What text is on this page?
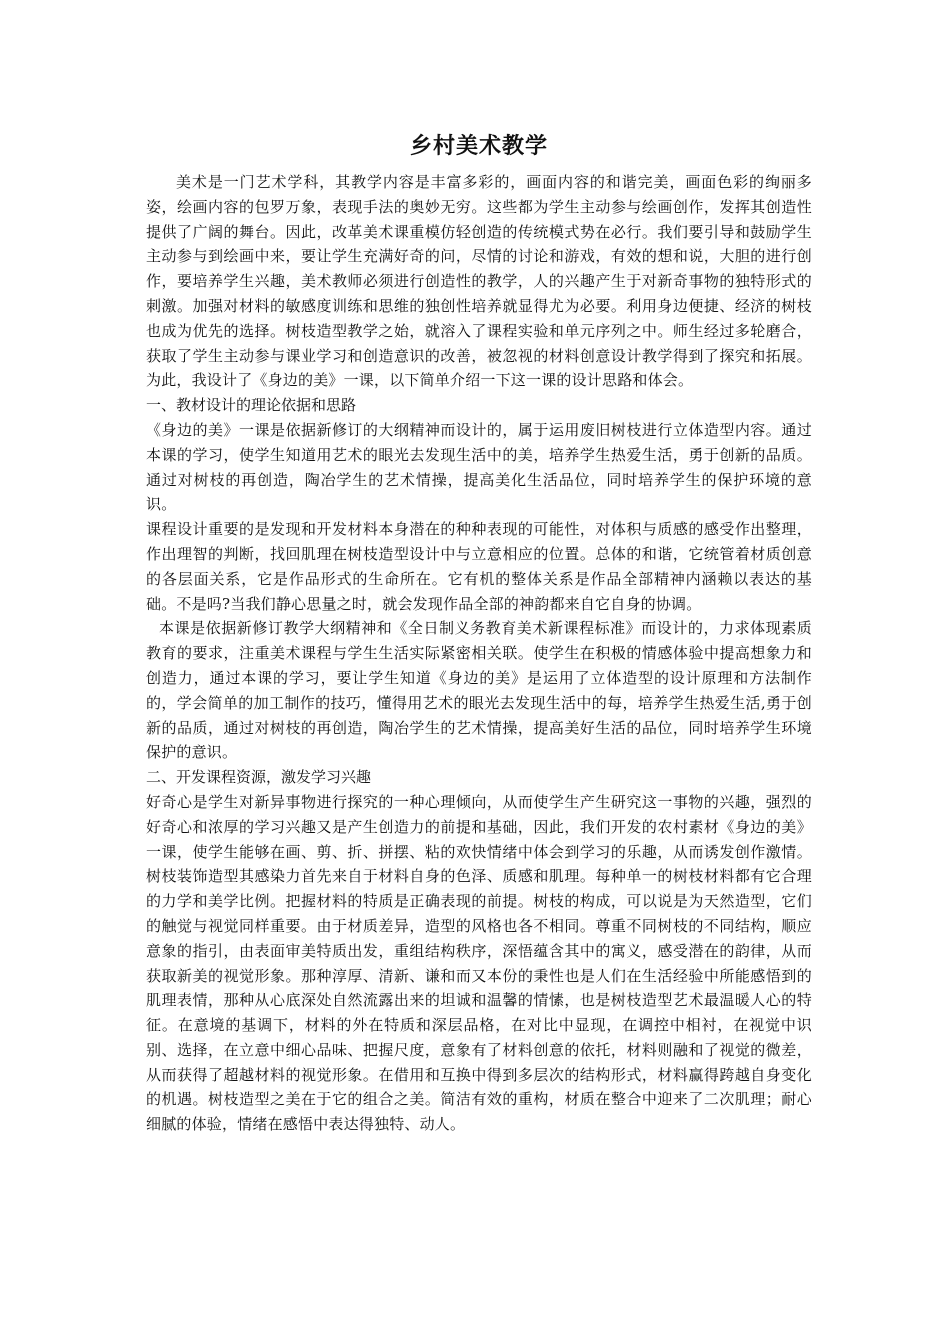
乡村美术教学

美术是一门艺术学科，其教学内容是丰富多彩的，画面内容的和谐完美，画面色彩的绚丽多姿，绘画内容的包罗万象，表现手法的奥妙无穷。这些都为学生主动参与绘画创作，发挥其创造性提供了广阔的舞台。因此，改革美术课重模仿轻创造的传统模式势在必行。我们要引导和鼓励学生主动参与到绘画中来，要让学生充满好奇的问，尽情的讨论和游戏，有效的想和说，大胆的进行创作，要培养学生兴趣，美术教师必须进行创造性的教学，人的兴趣产生于对新奇事物的独特形式的刺激。加强对材料的敏感度训练和思维的独创性培养就显得尤为必要。利用身边便捷、经济的树枝也成为优先的选择。树枝造型教学之始，就溶入了课程实验和单元序列之中。师生经过多轮磨合，获取了学生主动参与课业学习和创造意识的改善，被忽视的材料创意设计教学得到了探究和拓展。为此，我设计了《身边的美》一课，以下简单介绍一下这一课的设计思路和体会。

一、教材设计的理论依据和思路

《身边的美》一课是依据新修订的大纲精神而设计的，属于运用废旧树枝进行立体造型内容。通过本课的学习，使学生知道用艺术的眼光去发现生活中的美，培养学生热爱生活，勇于创新的品质。通过对树枝的再创造，陶冶学生的艺术情操，提高美化生活品位，同时培养学生的保护环境的意识。

课程设计重要的是发现和开发材料本身潜在的种种表现的可能性，对体积与质感的感受作出整理，作出理智的判断，找回肌理在树枝造型设计中与立意相应的位置。总体的和谐，它统管着材质创意的各层面关系，它是作品形式的生命所在。它有机的整体关系是作品全部精神内涵赖以表达的基础。不是吗?当我们静心思量之时，就会发现作品全部的神韵都来自它自身的协调。

本课是依据新修订教学大纲精神和《全日制义务教育美术新课程标准》而设计的，力求体现素质教育的要求，注重美术课程与学生生活实际紧密相关联。使学生在积极的情感体验中提高想象力和创造力，通过本课的学习，要让学生知道《身边的美》是运用了立体造型的设计原理和方法制作的，学会简单的加工制作的技巧，懂得用艺术的眼光去发现生活中的每，培养学生热爱生活,勇于创新的品质，通过对树枝的再创造，陶冶学生的艺术情操，提高美好生活的品位，同时培养学生环境保护的意识。

二、开发课程资源，激发学习兴趣

好奇心是学生对新异事物进行探究的一种心理倾向，从而使学生产生研究这一事物的兴趣，强烈的好奇心和浓厚的学习兴趣又是产生创造力的前提和基础，因此，我们开发的农村素材《身边的美》一课，使学生能够在画、剪、折、拼摆、粘的欢快情绪中体会到学习的乐趣，从而诱发创作激情。树枝装饰造型其感染力首先来自于材料自身的色泽、质感和肌理。每种单一的树枝材料都有它合理的力学和美学比例。把握材料的特质是正确表现的前提。树枝的构成，可以说是为天然造型，它们的触觉与视觉同样重要。由于材质差异，造型的风格也各不相同。尊重不同树枝的不同结构，顺应意象的指引，由表面审美特质出发，重组结构秩序，深悟蕴含其中的寓义，感受潜在的韵律，从而获取新美的视觉形象。那种淳厚、清新、谦和而又本份的秉性也是人们在生活经验中所能感悟到的肌理表情，那种从心底深处自然流露出来的坦诚和温馨的情愫，也是树枝造型艺术最温暖人心的特征。在意境的基调下，材料的外在特质和深层品格，在对比中显现，在调控中相衬，在视觉中识别、选择，在立意中细心品味、把握尺度，意象有了材料创意的依托，材料则融和了视觉的微差，从而获得了超越材料的视觉形象。在借用和互换中得到多层次的结构形式，材料赢得跨越自身变化的机遇。树枝造型之美在于它的组合之美。简洁有效的重构，材质在整合中迎来了二次肌理；耐心细腻的体验，情绪在感悟中表达得独特、动人。
